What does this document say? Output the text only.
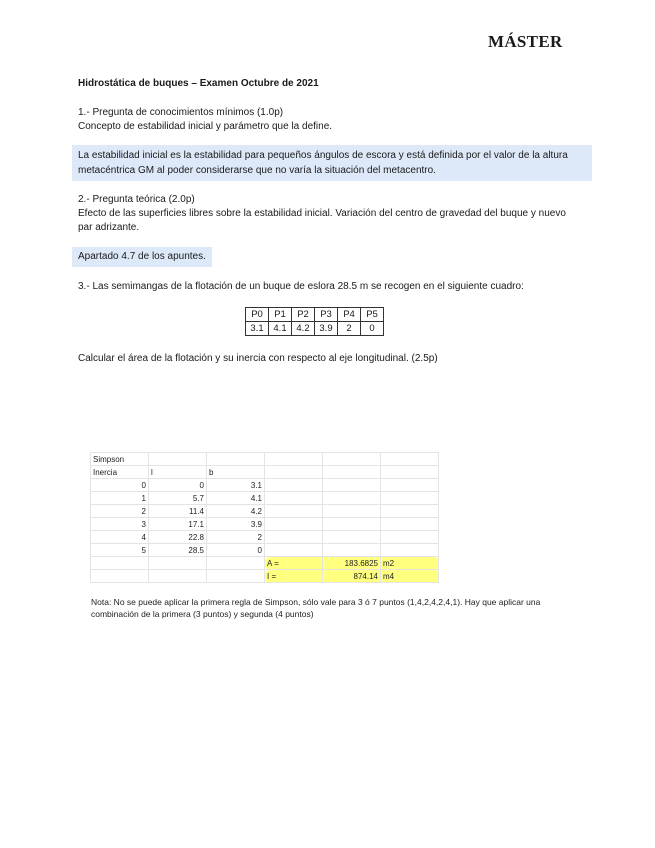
MÁSTER
Hidrostática de buques – Examen Octubre de 2021
1.- Pregunta de conocimientos mínimos (1.0p)
Concepto de estabilidad inicial y parámetro que la define.
La estabilidad inicial es la estabilidad para pequeños ángulos de escora y está definida por el valor de la altura metacéntrica GM al poder considerarse que no varía la situación del metacentro.
2.- Pregunta teórica (2.0p)
Efecto de las superficies libres sobre la estabilidad inicial. Variación del centro de gravedad del buque y nuevo par adrizante.
Apartado 4.7 de los apuntes.
3.- Las semimangas de la flotación de un buque de eslora 28.5 m se recogen en el siguiente cuadro:
P0	P1	P2	P3	P4	P5
3.1	4.1	4.2	3.9	2	0
Calcular el área de la flotación y su inercia con respecto al eje longitudinal. (2.5p)
Simpson					
Inercia	l	b			
0	0	3.1			
1	5.7	4.1			
2	11.4	4.2			
3	17.1	3.9			
4	22.8	2			
5	28.5	0			
			A =	183.6825	m2
			I =	874.14	m4
Nota: No se puede aplicar la primera regla de Simpson, sólo vale para 3 ó 7 puntos (1,4,2,4,2,4,1). Hay que aplicar una combinación de la primera (3 puntos) y segunda (4 puntos)
